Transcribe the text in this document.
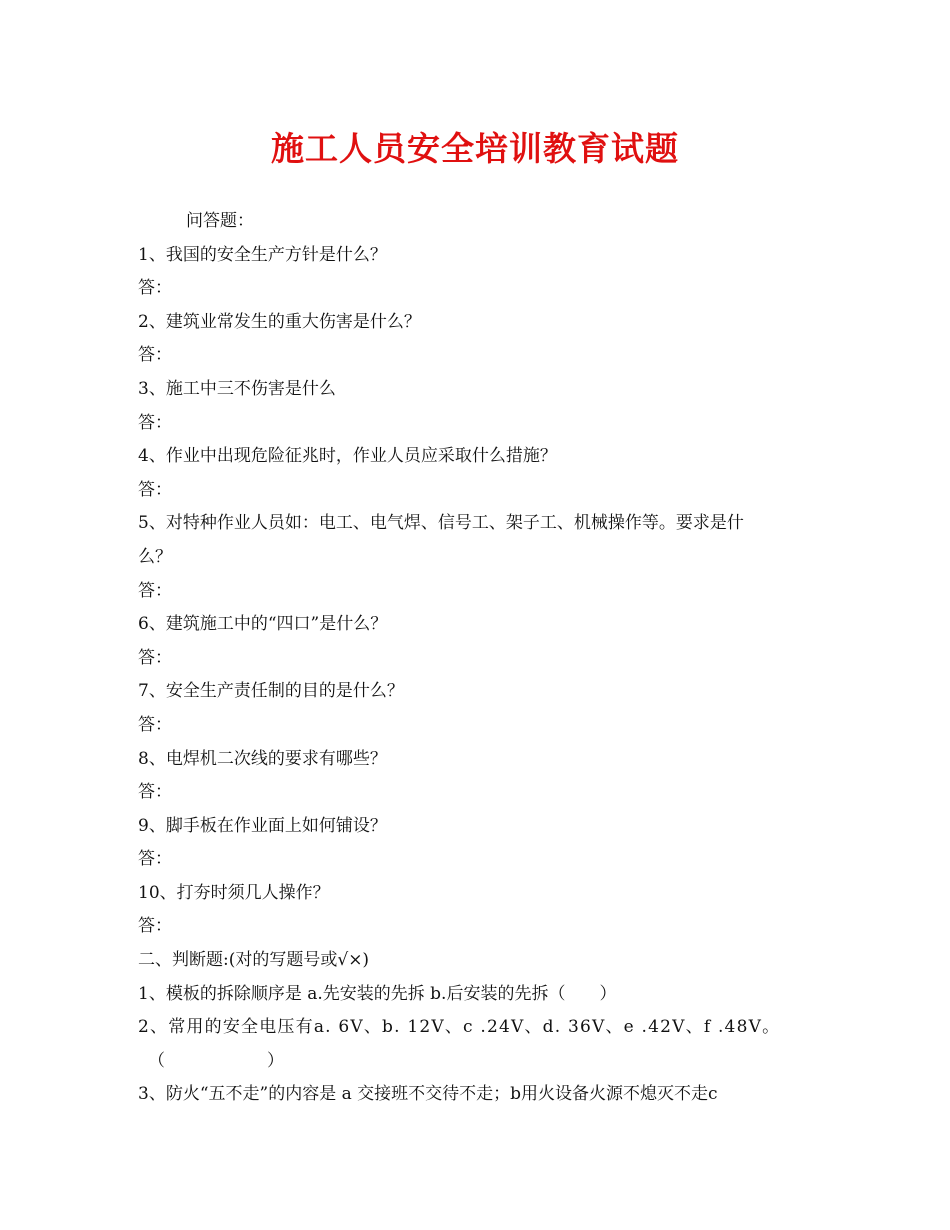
施工人员安全培训教育试题

问答题：

1、我国的安全生产方针是什么？

答：

2、建筑业常发生的重大伤害是什么？

答：

3、施工中三不伤害是什么

答：

4、作业中出现危险征兆时，作业人员应采取什么措施？

答：

5、对特种作业人员如：电工、电气焊、信号工、架子工、机械操作等。要求是什

么？

答：

6、建筑施工中的“四口”是什么？

答：

7、安全生产责任制的目的是什么？

答：

8、电焊机二次线的要求有哪些？

答：

9、脚手板在作业面上如何铺设？

答：

10、打夯时须几人操作？

答：

二、判断题:(对的写题号或√×)

1、模板的拆除顺序是 a.先安装的先拆 b.后安装的先拆（　　）

2、常用的安全电压有a. 6V、b. 12V、c .24V、d. 36V、e .42V、f .48V。

（　　　　　　）

3、防火“五不走”的内容是 a 交接班不交待不走；b用火设备火源不熄灭不走c
